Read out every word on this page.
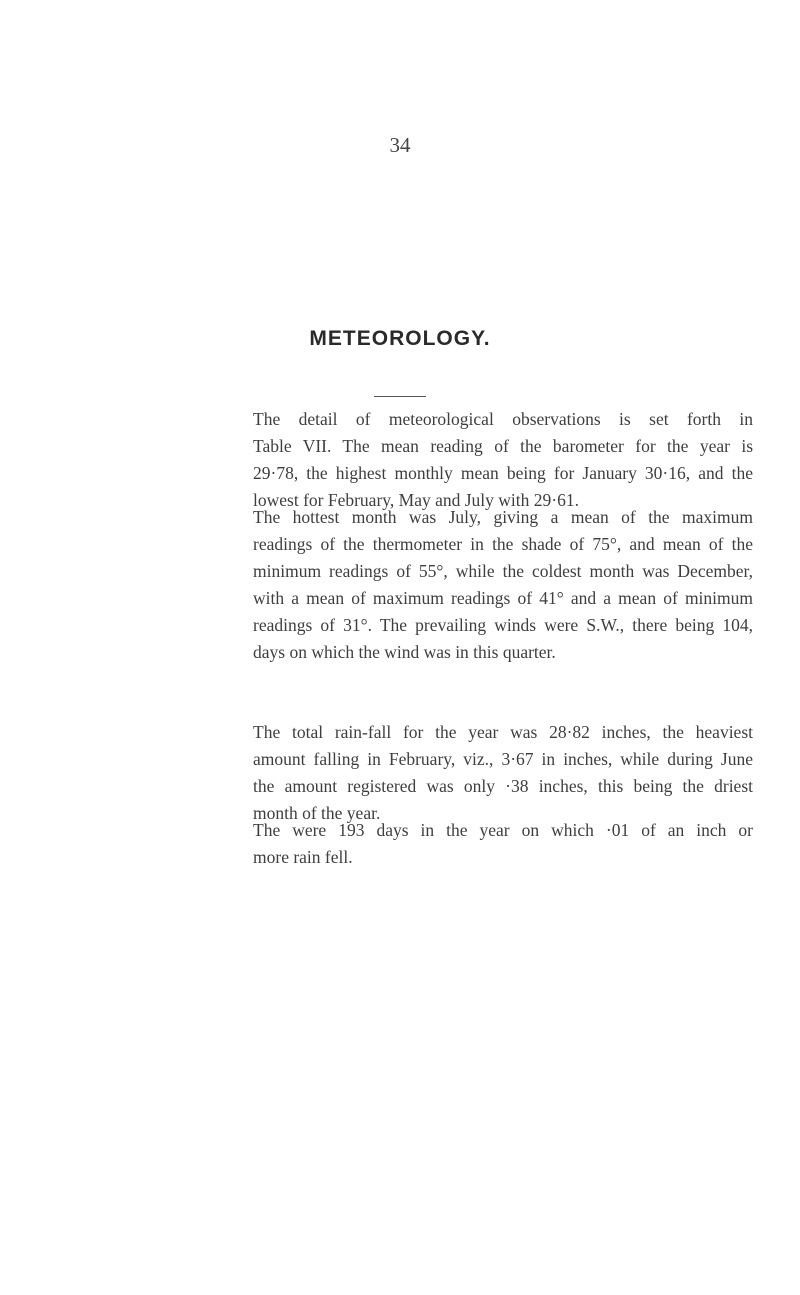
34
METEOROLOGY.
The detail of meteorological observations is set forth in
Table VII. The mean reading of the barometer for the year is
29·78, the highest monthly mean being for January 30·16, and the
lowest for February, May and July with 29·61.
The hottest month was July, giving a mean of the maximum
readings of the thermometer in the shade of 75°, and mean of the
minimum readings of 55°, while the coldest month was December,
with a mean of maximum readings of 41° and a mean of minimum
readings of 31°. The prevailing winds were S.W., there being 104,
days on which the wind was in this quarter.
The total rain-fall for the year was 28·82 inches, the heaviest
amount falling in February, viz., 3·67 in inches, while during June
the amount registered was only ·38 inches, this being the driest
month of the year.
The were 193 days in the year on which ·01 of an inch or
more rain fell.
